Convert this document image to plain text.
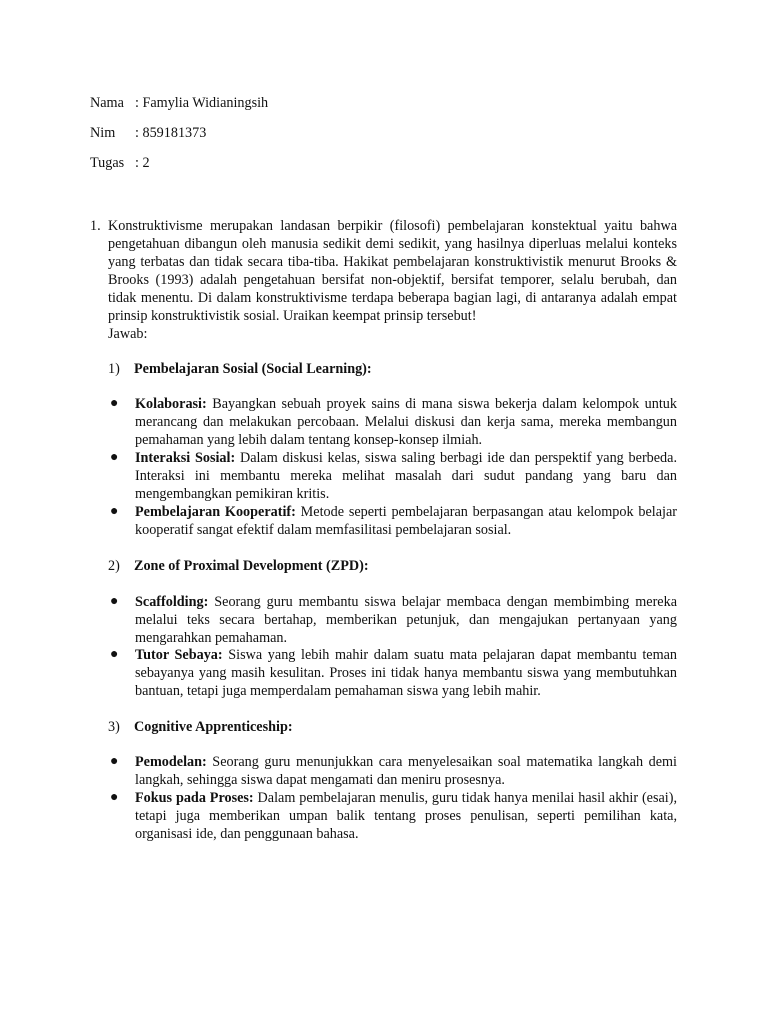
Nama : Famylia Widianingsih
Nim : 859181373
Tugas : 2
1. Konstruktivisme merupakan landasan berpikir (filosofi) pembelajaran konstektual yaitu bahwa pengetahuan dibangun oleh manusia sedikit demi sedikit, yang hasilnya diperluas melalui konteks yang terbatas dan tidak secara tiba-tiba. Hakikat pembelajaran konstruktivistik menurut Brooks & Brooks (1993) adalah pengetahuan bersifat non-objektif, bersifat temporer, selalu berubah, dan tidak menentu. Di dalam konstruktivisme terdapa beberapa bagian lagi, di antaranya adalah empat prinsip konstruktivistik sosial. Uraikan keempat prinsip tersebut!
Jawab:
1) Pembelajaran Sosial (Social Learning):
● Kolaborasi: Bayangkan sebuah proyek sains di mana siswa bekerja dalam kelompok untuk merancang dan melakukan percobaan. Melalui diskusi dan kerja sama, mereka membangun pemahaman yang lebih dalam tentang konsep-konsep ilmiah.
● Interaksi Sosial: Dalam diskusi kelas, siswa saling berbagi ide dan perspektif yang berbeda. Interaksi ini membantu mereka melihat masalah dari sudut pandang yang baru dan mengembangkan pemikiran kritis.
● Pembelajaran Kooperatif: Metode seperti pembelajaran berpasangan atau kelompok belajar kooperatif sangat efektif dalam memfasilitasi pembelajaran sosial.
2) Zone of Proximal Development (ZPD):
● Scaffolding: Seorang guru membantu siswa belajar membaca dengan membimbing mereka melalui teks secara bertahap, memberikan petunjuk, dan mengajukan pertanyaan yang mengarahkan pemahaman.
● Tutor Sebaya: Siswa yang lebih mahir dalam suatu mata pelajaran dapat membantu teman sebayanya yang masih kesulitan. Proses ini tidak hanya membantu siswa yang membutuhkan bantuan, tetapi juga memperdalam pemahaman siswa yang lebih mahir.
3) Cognitive Apprenticeship:
● Pemodelan: Seorang guru menunjukkan cara menyelesaikan soal matematika langkah demi langkah, sehingga siswa dapat mengamati dan meniru prosesnya.
● Fokus pada Proses: Dalam pembelajaran menulis, guru tidak hanya menilai hasil akhir (esai), tetapi juga memberikan umpan balik tentang proses penulisan, seperti pemilihan kata, organisasi ide, dan penggunaan bahasa.
